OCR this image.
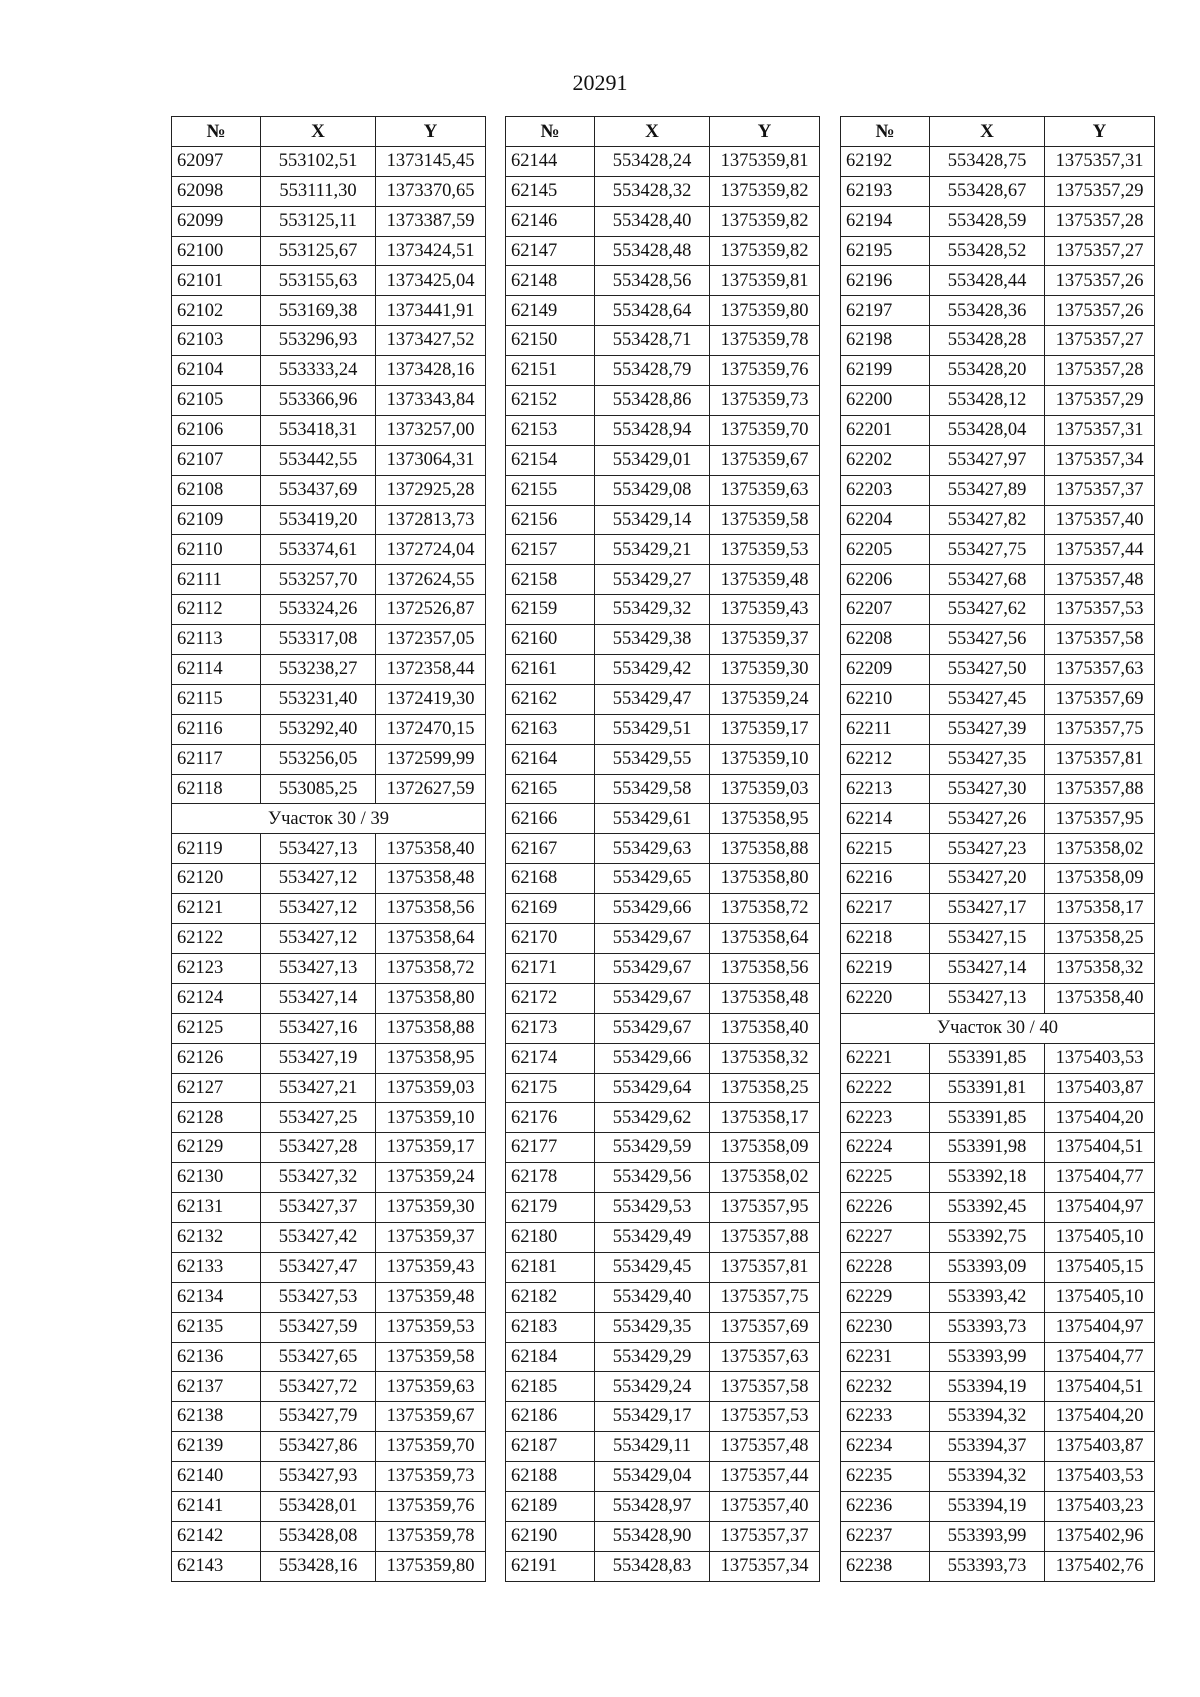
20291
№	X	Y
62097	553102,51	1373145,45
62098	553111,30	1373370,65
62099	553125,11	1373387,59
62100	553125,67	1373424,51
62101	553155,63	1373425,04
62102	553169,38	1373441,91
62103	553296,93	1373427,52
62104	553333,24	1373428,16
62105	553366,96	1373343,84
62106	553418,31	1373257,00
62107	553442,55	1373064,31
62108	553437,69	1372925,28
62109	553419,20	1372813,73
62110	553374,61	1372724,04
62111	553257,70	1372624,55
62112	553324,26	1372526,87
62113	553317,08	1372357,05
62114	553238,27	1372358,44
62115	553231,40	1372419,30
62116	553292,40	1372470,15
62117	553256,05	1372599,99
62118	553085,25	1372627,59
Участок 30 / 39		
62119	553427,13	1375358,40
62120	553427,12	1375358,48
62121	553427,12	1375358,56
62122	553427,12	1375358,64
62123	553427,13	1375358,72
62124	553427,14	1375358,80
62125	553427,16	1375358,88
62126	553427,19	1375358,95
62127	553427,21	1375359,03
62128	553427,25	1375359,10
62129	553427,28	1375359,17
62130	553427,32	1375359,24
62131	553427,37	1375359,30
62132	553427,42	1375359,37
62133	553427,47	1375359,43
62134	553427,53	1375359,48
62135	553427,59	1375359,53
62136	553427,65	1375359,58
62137	553427,72	1375359,63
62138	553427,79	1375359,67
62139	553427,86	1375359,70
62140	553427,93	1375359,73
62141	553428,01	1375359,76
62142	553428,08	1375359,78
62143	553428,16	1375359,80
№	X	Y
62144	553428,24	1375359,81
62145	553428,32	1375359,82
62146	553428,40	1375359,82
62147	553428,48	1375359,82
62148	553428,56	1375359,81
62149	553428,64	1375359,80
62150	553428,71	1375359,78
62151	553428,79	1375359,76
62152	553428,86	1375359,73
62153	553428,94	1375359,70
62154	553429,01	1375359,67
62155	553429,08	1375359,63
62156	553429,14	1375359,58
62157	553429,21	1375359,53
62158	553429,27	1375359,48
62159	553429,32	1375359,43
62160	553429,38	1375359,37
62161	553429,42	1375359,30
62162	553429,47	1375359,24
62163	553429,51	1375359,17
62164	553429,55	1375359,10
62165	553429,58	1375359,03
62166	553429,61	1375358,95
62167	553429,63	1375358,88
62168	553429,65	1375358,80
62169	553429,66	1375358,72
62170	553429,67	1375358,64
62171	553429,67	1375358,56
62172	553429,67	1375358,48
62173	553429,67	1375358,40
62174	553429,66	1375358,32
62175	553429,64	1375358,25
62176	553429,62	1375358,17
62177	553429,59	1375358,09
62178	553429,56	1375358,02
62179	553429,53	1375357,95
62180	553429,49	1375357,88
62181	553429,45	1375357,81
62182	553429,40	1375357,75
62183	553429,35	1375357,69
62184	553429,29	1375357,63
62185	553429,24	1375357,58
62186	553429,17	1375357,53
62187	553429,11	1375357,48
62188	553429,04	1375357,44
62189	553428,97	1375357,40
62190	553428,90	1375357,37
62191	553428,83	1375357,34
№	X	Y
62192	553428,75	1375357,31
62193	553428,67	1375357,29
62194	553428,59	1375357,28
62195	553428,52	1375357,27
62196	553428,44	1375357,26
62197	553428,36	1375357,26
62198	553428,28	1375357,27
62199	553428,20	1375357,28
62200	553428,12	1375357,29
62201	553428,04	1375357,31
62202	553427,97	1375357,34
62203	553427,89	1375357,37
62204	553427,82	1375357,40
62205	553427,75	1375357,44
62206	553427,68	1375357,48
62207	553427,62	1375357,53
62208	553427,56	1375357,58
62209	553427,50	1375357,63
62210	553427,45	1375357,69
62211	553427,39	1375357,75
62212	553427,35	1375357,81
62213	553427,30	1375357,88
62214	553427,26	1375357,95
62215	553427,23	1375358,02
62216	553427,20	1375358,09
62217	553427,17	1375358,17
62218	553427,15	1375358,25
62219	553427,14	1375358,32
62220	553427,13	1375358,40
Участок 30 / 40		
62221	553391,85	1375403,53
62222	553391,81	1375403,87
62223	553391,85	1375404,20
62224	553391,98	1375404,51
62225	553392,18	1375404,77
62226	553392,45	1375404,97
62227	553392,75	1375405,10
62228	553393,09	1375405,15
62229	553393,42	1375405,10
62230	553393,73	1375404,97
62231	553393,99	1375404,77
62232	553394,19	1375404,51
62233	553394,32	1375404,20
62234	553394,37	1375403,87
62235	553394,32	1375403,53
62236	553394,19	1375403,23
62237	553393,99	1375402,96
62238	553393,73	1375402,76
